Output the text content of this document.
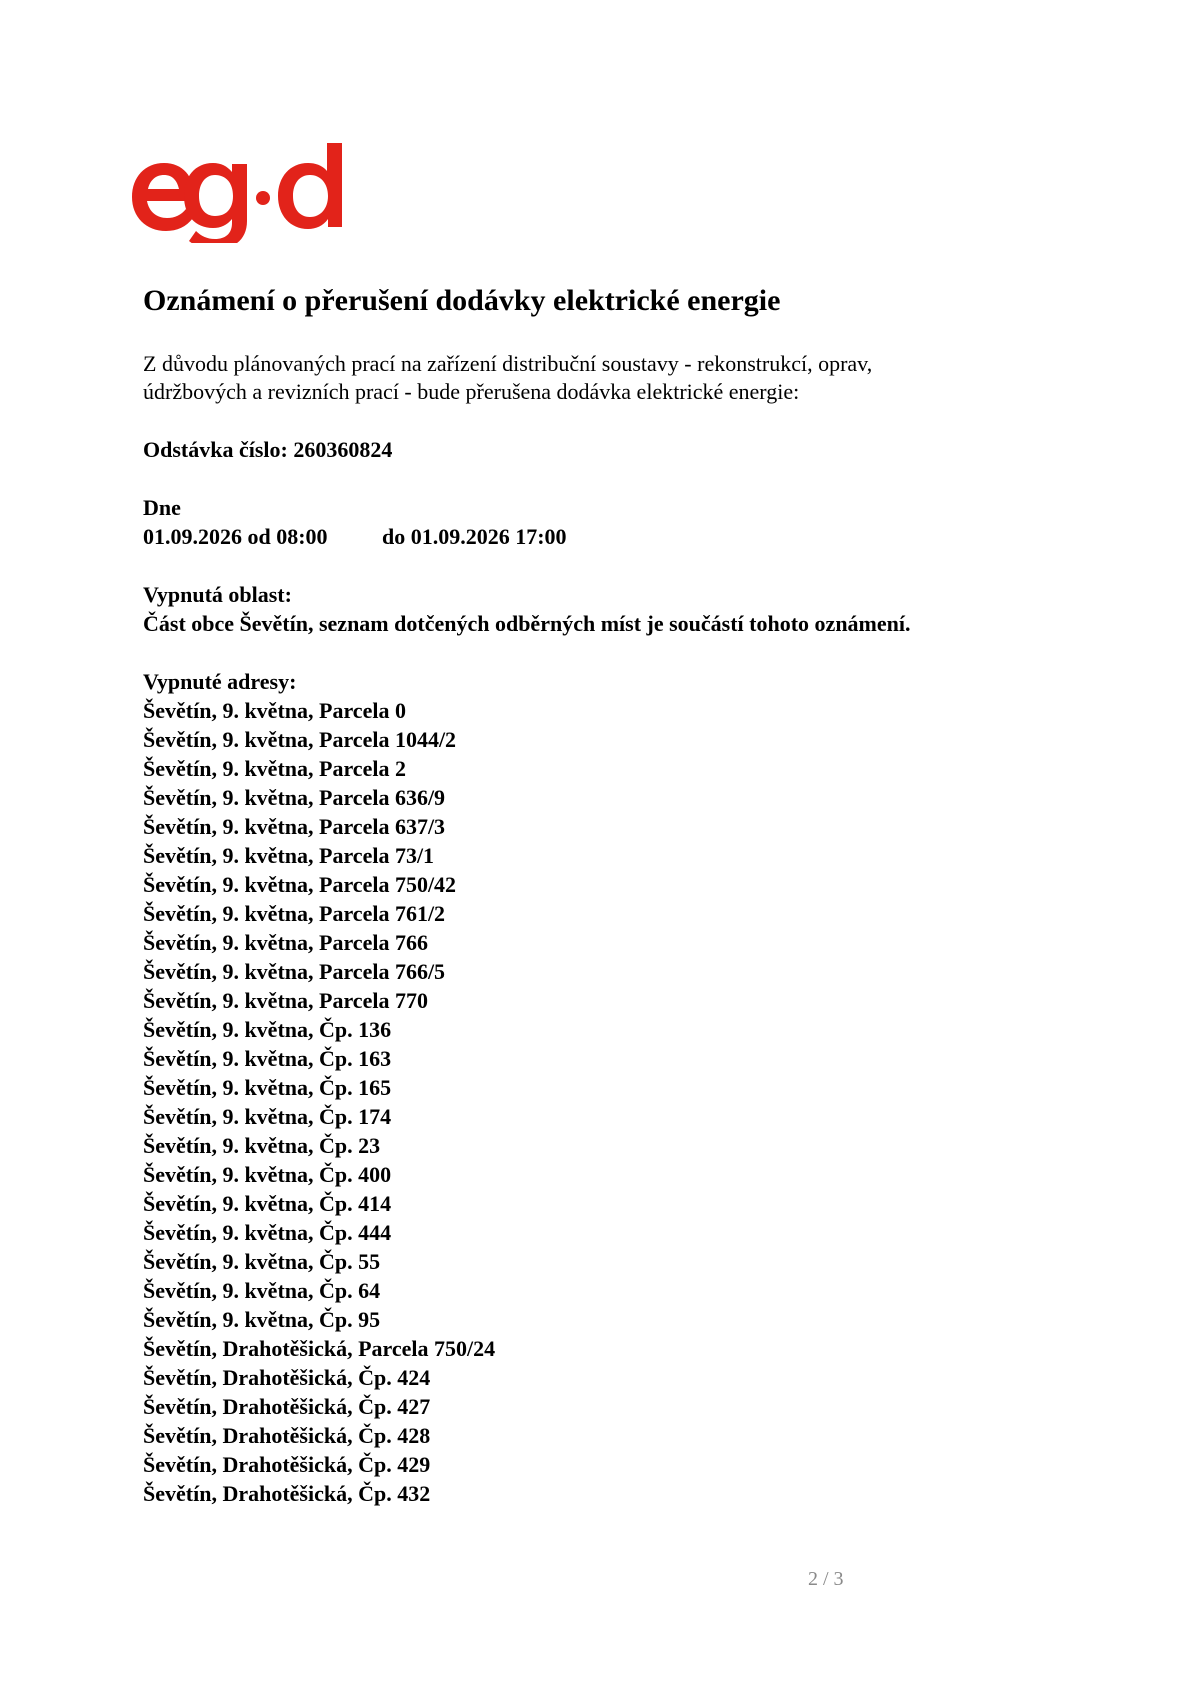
Oznámení o přerušení dodávky elektrické energie
Z důvodu plánovaných prací na zařízení distribuční soustavy - rekonstrukcí, oprav,
údržbových a revizních prací - bude přerušena dodávka elektrické energie:
Odstávka číslo: 260360824
Dne
01.09.2026 od 08:00 do 01.09.2026 17:00
Vypnutá oblast:
Část obce Ševětín, seznam dotčených odběrných míst je součástí tohoto oznámení.
Vypnuté adresy:
Ševětín, 9. května, Parcela 0
Ševětín, 9. května, Parcela 1044/2
Ševětín, 9. května, Parcela 2
Ševětín, 9. května, Parcela 636/9
Ševětín, 9. května, Parcela 637/3
Ševětín, 9. května, Parcela 73/1
Ševětín, 9. května, Parcela 750/42
Ševětín, 9. května, Parcela 761/2
Ševětín, 9. května, Parcela 766
Ševětín, 9. května, Parcela 766/5
Ševětín, 9. května, Parcela 770
Ševětín, 9. května, Čp. 136
Ševětín, 9. května, Čp. 163
Ševětín, 9. května, Čp. 165
Ševětín, 9. května, Čp. 174
Ševětín, 9. května, Čp. 23
Ševětín, 9. května, Čp. 400
Ševětín, 9. května, Čp. 414
Ševětín, 9. května, Čp. 444
Ševětín, 9. května, Čp. 55
Ševětín, 9. května, Čp. 64
Ševětín, 9. května, Čp. 95
Ševětín, Drahotěšická, Parcela 750/24
Ševětín, Drahotěšická, Čp. 424
Ševětín, Drahotěšická, Čp. 427
Ševětín, Drahotěšická, Čp. 428
Ševětín, Drahotěšická, Čp. 429
Ševětín, Drahotěšická, Čp. 432
2 / 3
